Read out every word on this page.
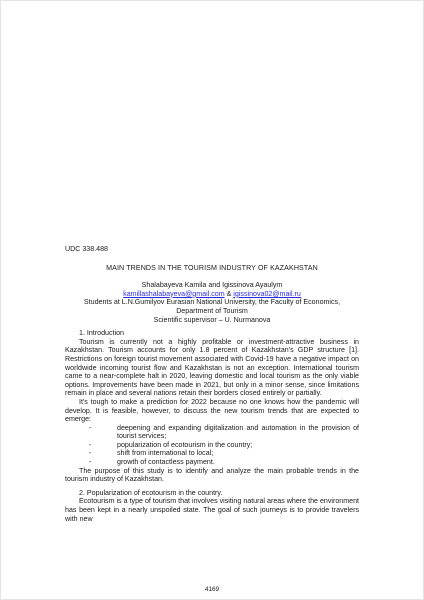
UDC 338.488

MAIN TRENDS IN THE TOURISM INDUSTRY OF KAZAKHSTAN

Shalabayeva Kamila and Igissinova Ayaulym

kamillashalabayeva@gmail.com & igissinova02@mail.ru

Students at L.N.Gumilyov Eurasian National University, the Faculty of Economics,

Department of Tourism

Scientific supervisor – U. Nurmanova

1. Introduction

Tourism is currently not a highly profitable or investment-attractive business in Kazakhstan. Tourism accounts for only 1.8 percent of Kazakhstan's GDP structure [1]. Restrictions on foreign tourist movement associated with Covid-19 have a negative impact on worldwide incoming tourist flow and Kazakhstan is not an exception. International tourism came to a near-complete halt in 2020, leaving domestic and local tourism as the only viable options. Improvements have been made in 2021, but only in a minor sense, since limitations remain in place and several nations retain their borders closed entirely or partially.

It's tough to make a prediction for 2022 because no one knows how the pandemic will develop. It is feasible, however, to discuss the new tourism trends that are expected to emerge:

-	deepening and expanding digitalization and automation in the provision of tourist services;
-	popularization of ecotourism in the country;
-	shift from international to local;
-	growth of contactless payment.

The purpose of this study is to identify and analyze the main probable trends in the tourism industry of Kazakhstan.

2. Popularization of ecotourism in the country.

Ecotourism is a type of tourism that involves visiting natural areas where the environment has been kept in a nearly unspoiled state. The goal of such journeys is to provide travelers with new

4169
